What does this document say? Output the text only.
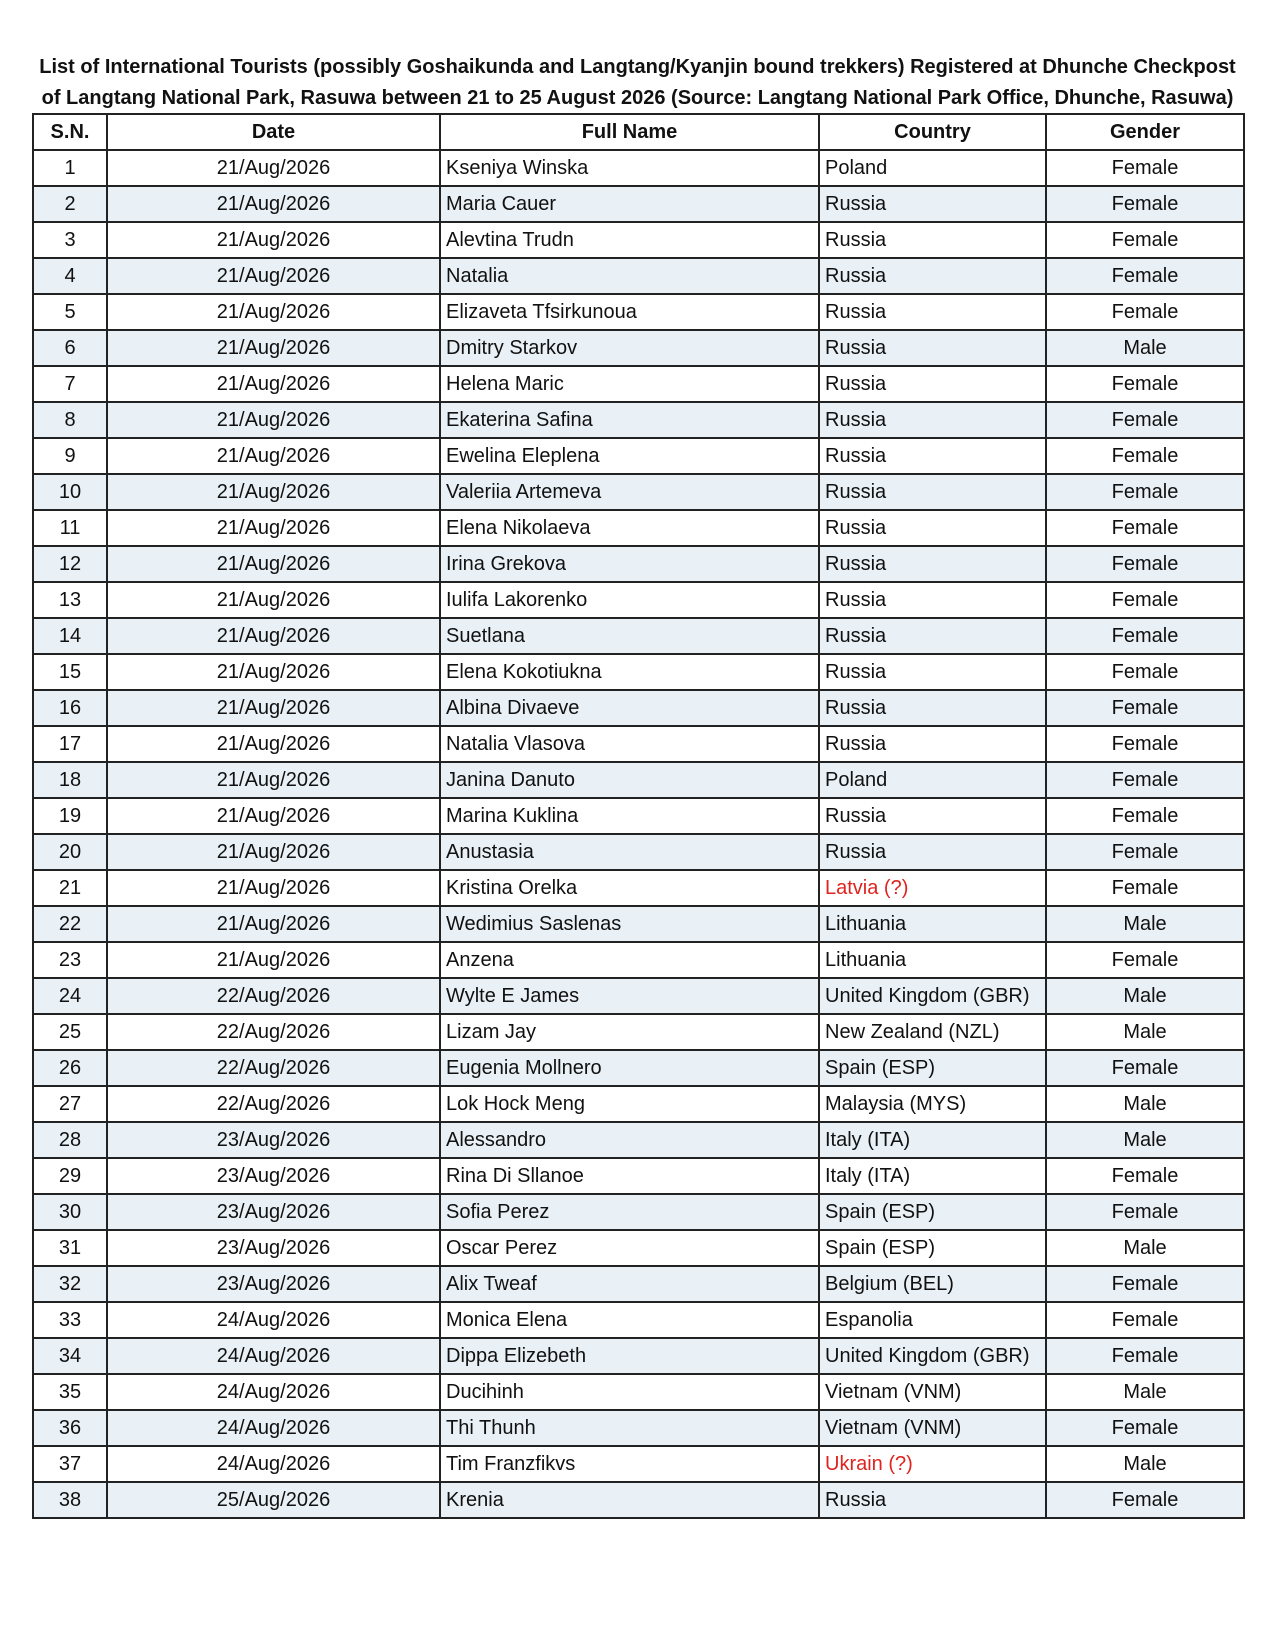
List of International Tourists (possibly Goshaikunda and Langtang/Kyanjin bound trekkers) Registered at Dhunche Checkpost
of Langtang National Park, Rasuwa between 21 to 25 August 2026 (Source: Langtang National Park Office, Dhunche, Rasuwa)
S.N.	Date	Full Name	Country	Gender
1	21/Aug/2026	Kseniya Winska	Poland	Female
2	21/Aug/2026	Maria Cauer	Russia	Female
3	21/Aug/2026	Alevtina Trudn	Russia	Female
4	21/Aug/2026	Natalia	Russia	Female
5	21/Aug/2026	Elizaveta Tfsirkunoua	Russia	Female
6	21/Aug/2026	Dmitry Starkov	Russia	Male
7	21/Aug/2026	Helena Maric	Russia	Female
8	21/Aug/2026	Ekaterina Safina	Russia	Female
9	21/Aug/2026	Ewelina Eleplena	Russia	Female
10	21/Aug/2026	Valeriia Artemeva	Russia	Female
11	21/Aug/2026	Elena Nikolaeva	Russia	Female
12	21/Aug/2026	Irina Grekova	Russia	Female
13	21/Aug/2026	Iulifa Lakorenko	Russia	Female
14	21/Aug/2026	Suetlana	Russia	Female
15	21/Aug/2026	Elena Kokotiukna	Russia	Female
16	21/Aug/2026	Albina Divaeve	Russia	Female
17	21/Aug/2026	Natalia Vlasova	Russia	Female
18	21/Aug/2026	Janina Danuto	Poland	Female
19	21/Aug/2026	Marina Kuklina	Russia	Female
20	21/Aug/2026	Anustasia	Russia	Female
21	21/Aug/2026	Kristina Orelka	Latvia (?)	Female
22	21/Aug/2026	Wedimius Saslenas	Lithuania	Male
23	21/Aug/2026	Anzena	Lithuania	Female
24	22/Aug/2026	Wylte E James	United Kingdom (GBR)	Male
25	22/Aug/2026	Lizam Jay	New Zealand (NZL)	Male
26	22/Aug/2026	Eugenia Mollnero	Spain (ESP)	Female
27	22/Aug/2026	Lok Hock Meng	Malaysia (MYS)	Male
28	23/Aug/2026	Alessandro	Italy (ITA)	Male
29	23/Aug/2026	Rina Di Sllanoe	Italy (ITA)	Female
30	23/Aug/2026	Sofia Perez	Spain (ESP)	Female
31	23/Aug/2026	Oscar Perez	Spain (ESP)	Male
32	23/Aug/2026	Alix Tweaf	Belgium (BEL)	Female
33	24/Aug/2026	Monica Elena	Espanolia	Female
34	24/Aug/2026	Dippa Elizebeth	United Kingdom (GBR)	Female
35	24/Aug/2026	Ducihinh	Vietnam (VNM)	Male
36	24/Aug/2026	Thi Thunh	Vietnam (VNM)	Female
37	24/Aug/2026	Tim Franzfikvs	Ukrain (?)	Male
38	25/Aug/2026	Krenia	Russia	Female
